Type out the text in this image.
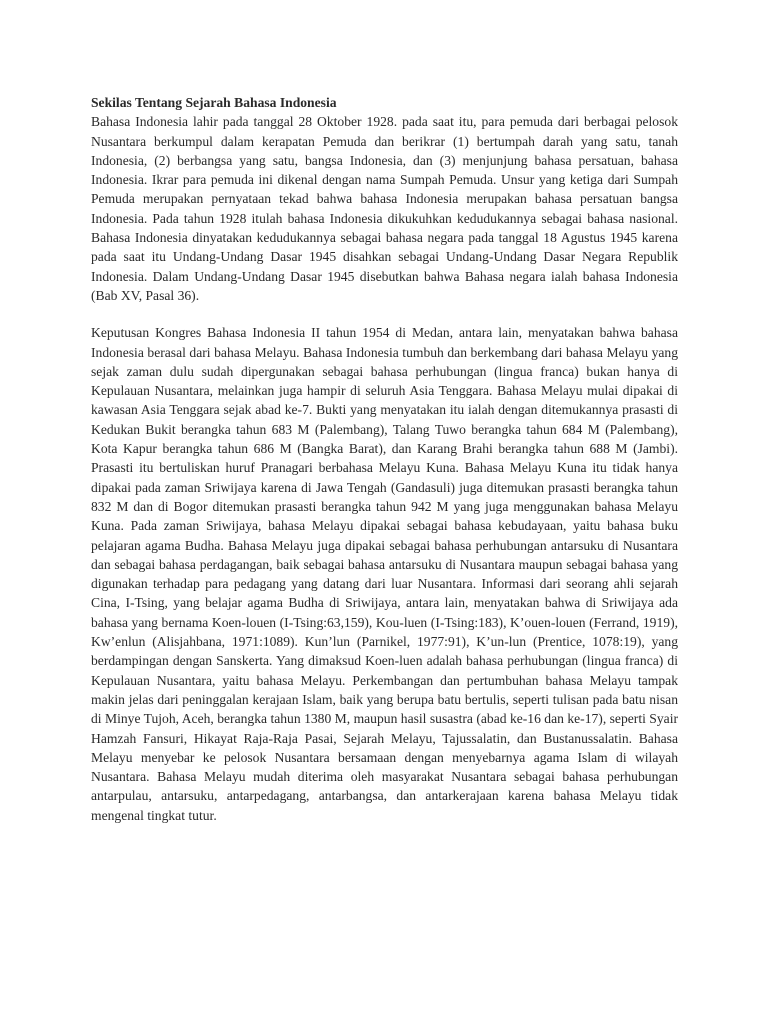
Sekilas Tentang Sejarah Bahasa Indonesia

Bahasa Indonesia lahir pada tanggal 28 Oktober 1928. pada saat itu, para pemuda dari berbagai pelosok Nusantara berkumpul dalam kerapatan Pemuda dan berikrar (1) bertumpah darah yang satu, tanah Indonesia, (2) berbangsa yang satu, bangsa Indonesia, dan (3) menjunjung bahasa persatuan, bahasa Indonesia. Ikrar para pemuda ini dikenal dengan nama Sumpah Pemuda. Unsur yang ketiga dari Sumpah Pemuda merupakan pernyataan tekad bahwa bahasa Indonesia merupakan bahasa persatuan bangsa Indonesia. Pada tahun 1928 itulah bahasa Indonesia dikukuhkan kedudukannya sebagai bahasa nasional. Bahasa Indonesia dinyatakan kedudukannya sebagai bahasa negara pada tanggal 18 Agustus 1945 karena pada saat itu Undang-Undang Dasar 1945 disahkan sebagai Undang-Undang Dasar Negara Republik Indonesia. Dalam Undang-Undang Dasar 1945 disebutkan bahwa Bahasa negara ialah bahasa Indonesia (Bab XV, Pasal 36).

Keputusan Kongres Bahasa Indonesia II tahun 1954 di Medan, antara lain, menyatakan bahwa bahasa Indonesia berasal dari bahasa Melayu. Bahasa Indonesia tumbuh dan berkembang dari bahasa Melayu yang sejak zaman dulu sudah dipergunakan sebagai bahasa perhubungan (lingua franca) bukan hanya di Kepulauan Nusantara, melainkan juga hampir di seluruh Asia Tenggara. Bahasa Melayu mulai dipakai di kawasan Asia Tenggara sejak abad ke-7. Bukti yang menyatakan itu ialah dengan ditemukannya prasasti di Kedukan Bukit berangka tahun 683 M (Palembang), Talang Tuwo berangka tahun 684 M (Palembang), Kota Kapur berangka tahun 686 M (Bangka Barat), dan Karang Brahi berangka tahun 688 M (Jambi). Prasasti itu bertuliskan huruf Pranagari berbahasa Melayu Kuna. Bahasa Melayu Kuna itu tidak hanya dipakai pada zaman Sriwijaya karena di Jawa Tengah (Gandasuli) juga ditemukan prasasti berangka tahun 832 M dan di Bogor ditemukan prasasti berangka tahun 942 M yang juga menggunakan bahasa Melayu Kuna. Pada zaman Sriwijaya, bahasa Melayu dipakai sebagai bahasa kebudayaan, yaitu bahasa buku pelajaran agama Budha. Bahasa Melayu juga dipakai sebagai bahasa perhubungan antarsuku di Nusantara dan sebagai bahasa perdagangan, baik sebagai bahasa antarsuku di Nusantara maupun sebagai bahasa yang digunakan terhadap para pedagang yang datang dari luar Nusantara. Informasi dari seorang ahli sejarah Cina, I-Tsing, yang belajar agama Budha di Sriwijaya, antara lain, menyatakan bahwa di Sriwijaya ada bahasa yang bernama Koen-louen (I-Tsing:63,159), Kou-luen (I-Tsing:183), K’ouen-louen (Ferrand, 1919), Kw’enlun (Alisjahbana, 1971:1089). Kun’lun (Parnikel, 1977:91), K’un-lun (Prentice, 1078:19), yang berdampingan dengan Sanskerta. Yang dimaksud Koen-luen adalah bahasa perhubungan (lingua franca) di Kepulauan Nusantara, yaitu bahasa Melayu. Perkembangan dan pertumbuhan bahasa Melayu tampak makin jelas dari peninggalan kerajaan Islam, baik yang berupa batu bertulis, seperti tulisan pada batu nisan di Minye Tujoh, Aceh, berangka tahun 1380 M, maupun hasil susastra (abad ke-16 dan ke-17), seperti Syair Hamzah Fansuri, Hikayat Raja-Raja Pasai, Sejarah Melayu, Tajussalatin, dan Bustanussalatin. Bahasa Melayu menyebar ke pelosok Nusantara bersamaan dengan menyebarnya agama Islam di wilayah Nusantara. Bahasa Melayu mudah diterima oleh masyarakat Nusantara sebagai bahasa perhubungan antarpulau, antarsuku, antarpedagang, antarbangsa, dan antarkerajaan karena bahasa Melayu tidak mengenal tingkat tutur.
